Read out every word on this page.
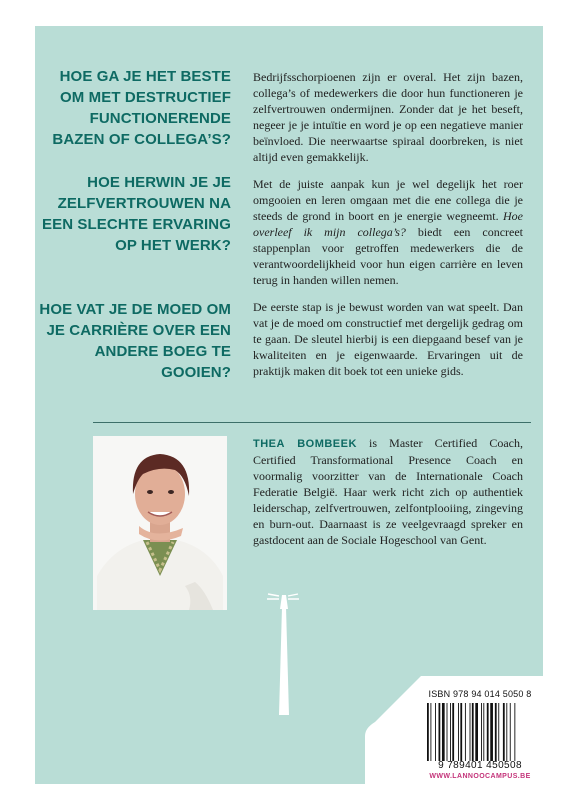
HOE GA JE HET BESTE OM MET DESTRUCTIEF FUNCTIONERENDE BAZEN OF COLLEGA’S?
HOE HERWIN JE JE ZELFVERTROUWEN NA EEN SLECHTE ERVARING OP HET WERK?
HOE VAT JE DE MOED OM JE CARRIÈRE OVER EEN ANDERE BOEG TE GOOIEN?

Bedrijfsschorpioenen zijn er overal. Het zijn bazen, collega’s of medewerkers die door hun functioneren je zelfvertrouwen ondermijnen. Zonder dat je het beseft, negeer je je intuïtie en word je op een negatieve manier beïnvloed. Die neerwaartse spiraal doorbreken, is niet altijd even gemakkelijk.

Met de juiste aanpak kun je wel degelijk het roer omgooien en leren omgaan met die ene collega die je steeds de grond in boort en je energie wegneemt. Hoe overleef ik mijn collega’s? biedt een concreet stappenplan voor getroffen medewerkers die de verantwoordelijkheid voor hun eigen carrière en leven terug in handen willen nemen.

De eerste stap is je bewust worden van wat speelt. Dan vat je de moed om constructief met dergelijk gedrag om te gaan. De sleutel hierbij is een diepgaand besef van je kwaliteiten en je eigenwaarde. Ervaringen uit de praktijk maken dit boek tot een unieke gids.

THEA BOMBEEK is Master Certified Coach, Certified Transformational Presence Coach en voormalig voorzitter van de Internationale Coach Federatie België. Haar werk richt zich op authentiek leiderschap, zelfvertrouwen, zelfontplooiing, zingeving en burn-out. Daarnaast is ze veelgevraagd spreker en gastdocent aan de Sociale Hogeschool van Gent.
ISBN 978 94 014 5050 8
9 789401 450508
WWW.LANNOOCAMPUS.BE
